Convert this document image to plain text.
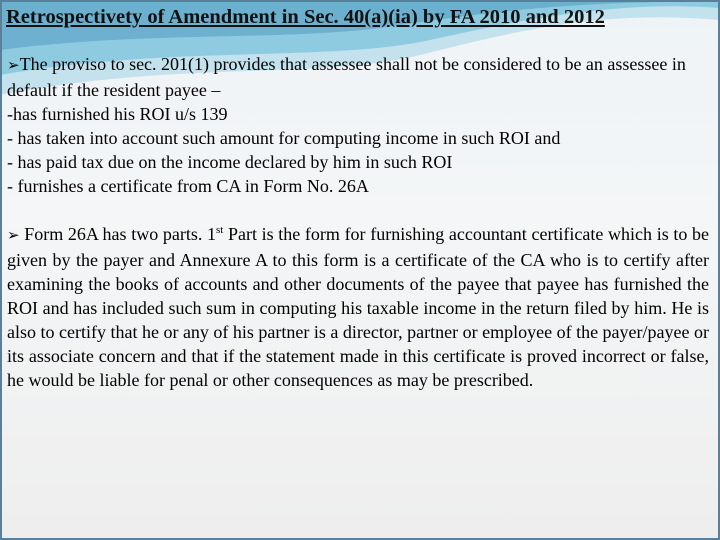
Retrospectivety of Amendment in Sec. 40(a)(ia) by FA 2010 and 2012

➢The proviso to sec. 201(1) provides that assessee shall not be considered to be an assessee in default if the resident payee –

-has furnished his ROI u/s 139

- has taken into account such amount for computing income in such ROI and

- has paid tax due on the income declared by him in such ROI

- furnishes a certificate from CA in Form No. 26A

➢ Form 26A has two parts. 1st Part is the form for furnishing accountant certificate which is to be given by the payer and Annexure A to this form is a certificate of the CA who is to certify after examining the books of accounts and other documents of the payee that payee has furnished the ROI and has included such sum in computing his taxable income in the return filed by him. He is also to certify that he or any of his partner is a director, partner or employee of the payer/payee or its associate concern and that if the statement made in this certificate is proved incorrect or false, he would be liable for penal or other consequences as may be prescribed.
